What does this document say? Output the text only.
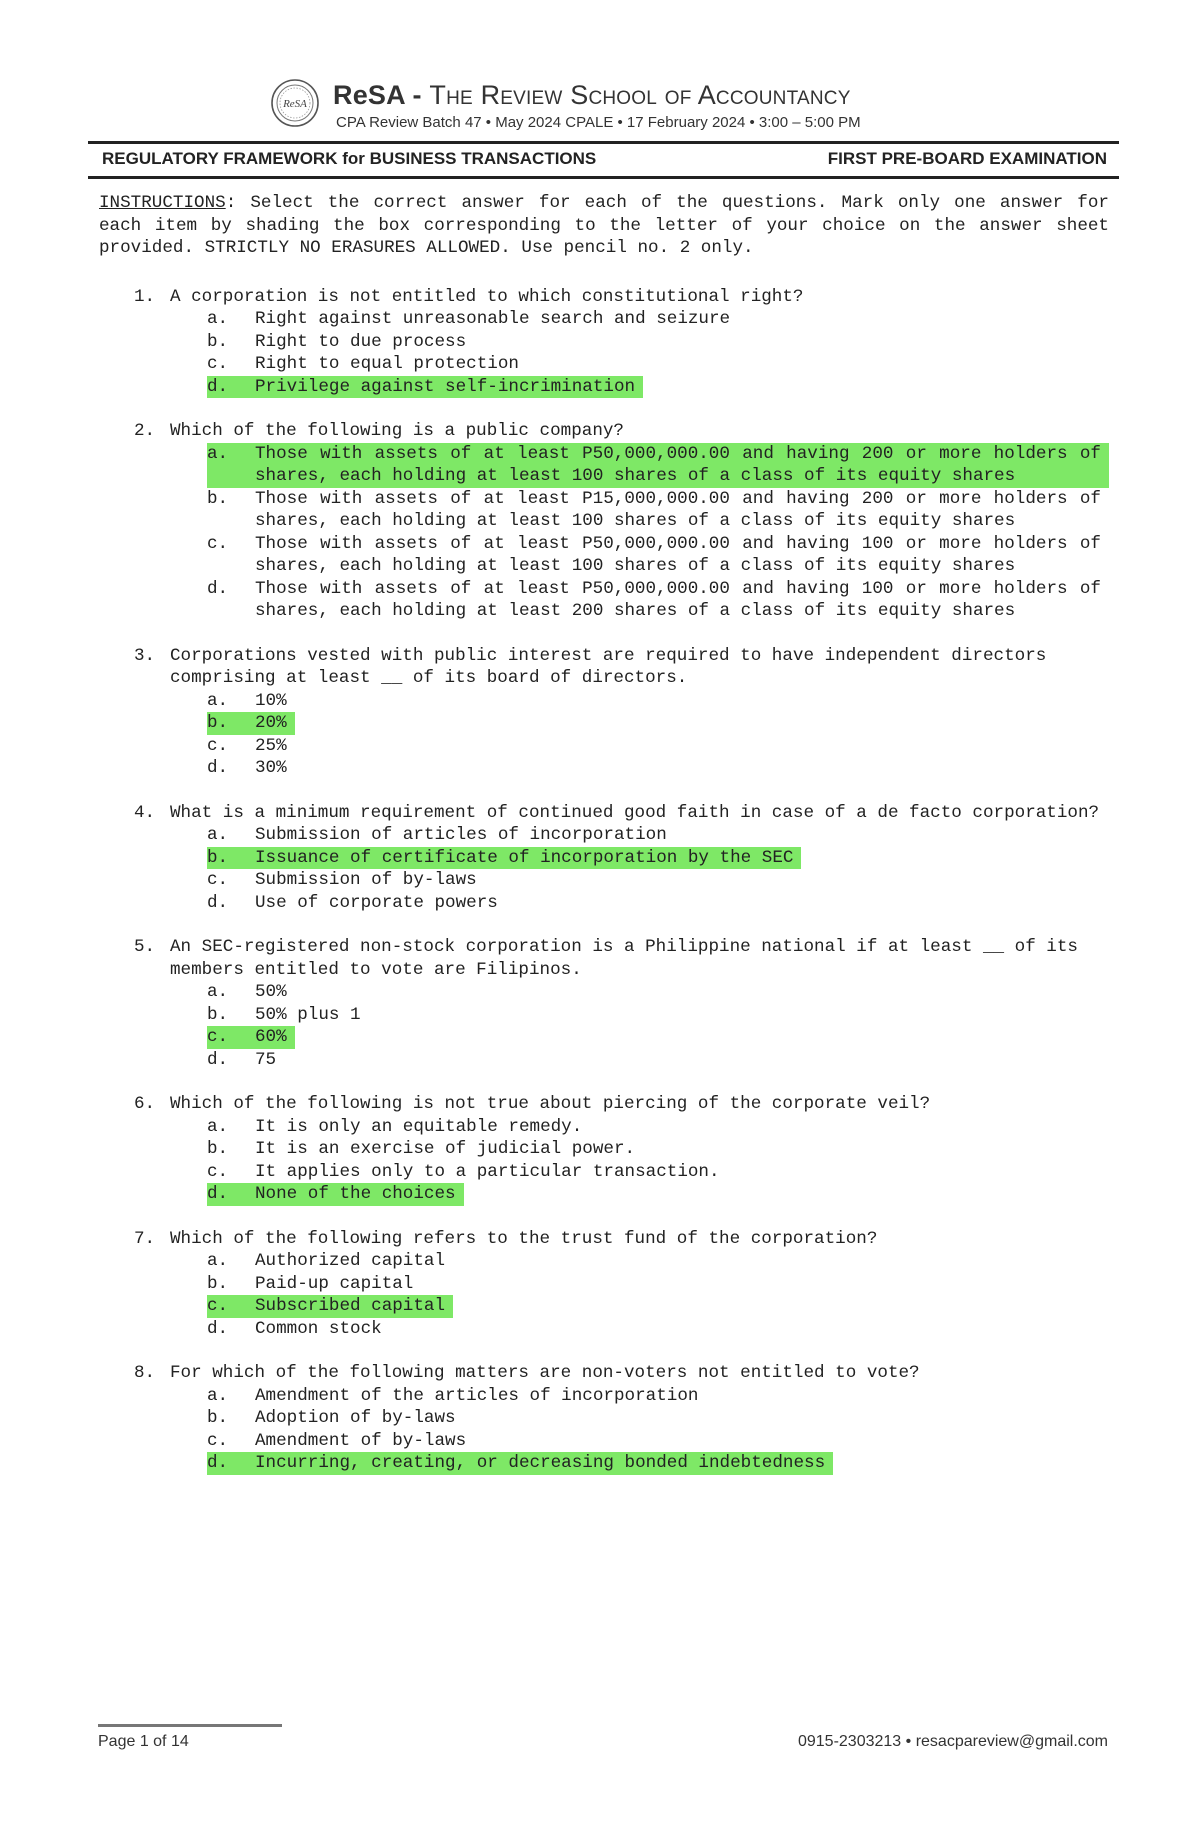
ReSA ReSA - The Review School of Accountancy
CPA Review Batch 47 • May 2024 CPALE • 17 February 2024 • 3:00 – 5:00 PM
REGULATORY FRAMEWORK for BUSINESS TRANSACTIONS	FIRST PRE-BOARD EXAMINATION

INSTRUCTIONS: Select the correct answer for each of the questions. Mark only one answer for each item by shading the box corresponding to the letter of your choice on the answer sheet provided. STRICTLY NO ERASURES ALLOWED. Use pencil no. 2 only.

1. A corporation is not entitled to which constitutional right?
a.	Right against unreasonable search and seizure
b.	Right to due process
c.	Right to equal protection
d.	Privilege against self-incrimination
2. Which of the following is a public company?
a.	Those with assets of at least P50,000,000.00 and having 200 or more holders of shares, each holding at least 100 shares of a class of its equity shares
b.	Those with assets of at least P15,000,000.00 and having 200 or more holders of shares, each holding at least 100 shares of a class of its equity shares
c.	Those with assets of at least P50,000,000.00 and having 100 or more holders of shares, each holding at least 100 shares of a class of its equity shares
d.	Those with assets of at least P50,000,000.00 and having 100 or more holders of shares, each holding at least 200 shares of a class of its equity shares
3. Corporations vested with public interest are required to have independent directors comprising at least __ of its board of directors.
a.	10%
b.	20%
c.	25%
d.	30%
4. What is a minimum requirement of continued good faith in case of a de facto corporation?
a.	Submission of articles of incorporation
b.	Issuance of certificate of incorporation by the SEC
c.	Submission of by-laws
d.	Use of corporate powers
5. An SEC-registered non-stock corporation is a Philippine national if at least __ of its members entitled to vote are Filipinos.
a.	50%
b.	50% plus 1
c.	60%
d.	75
6. Which of the following is not true about piercing of the corporate veil?
a.	It is only an equitable remedy.
b.	It is an exercise of judicial power.
c.	It applies only to a particular transaction.
d.	None of the choices
7. Which of the following refers to the trust fund of the corporation?
a.	Authorized capital
b.	Paid-up capital
c.	Subscribed capital
d.	Common stock
8. For which of the following matters are non-voters not entitled to vote?
a.	Amendment of the articles of incorporation
b.	Adoption of by-laws
c.	Amendment of by-laws
d.	Incurring, creating, or decreasing bonded indebtedness
Page 1 of 14	0915-2303213 • resacpareview@gmail.com
